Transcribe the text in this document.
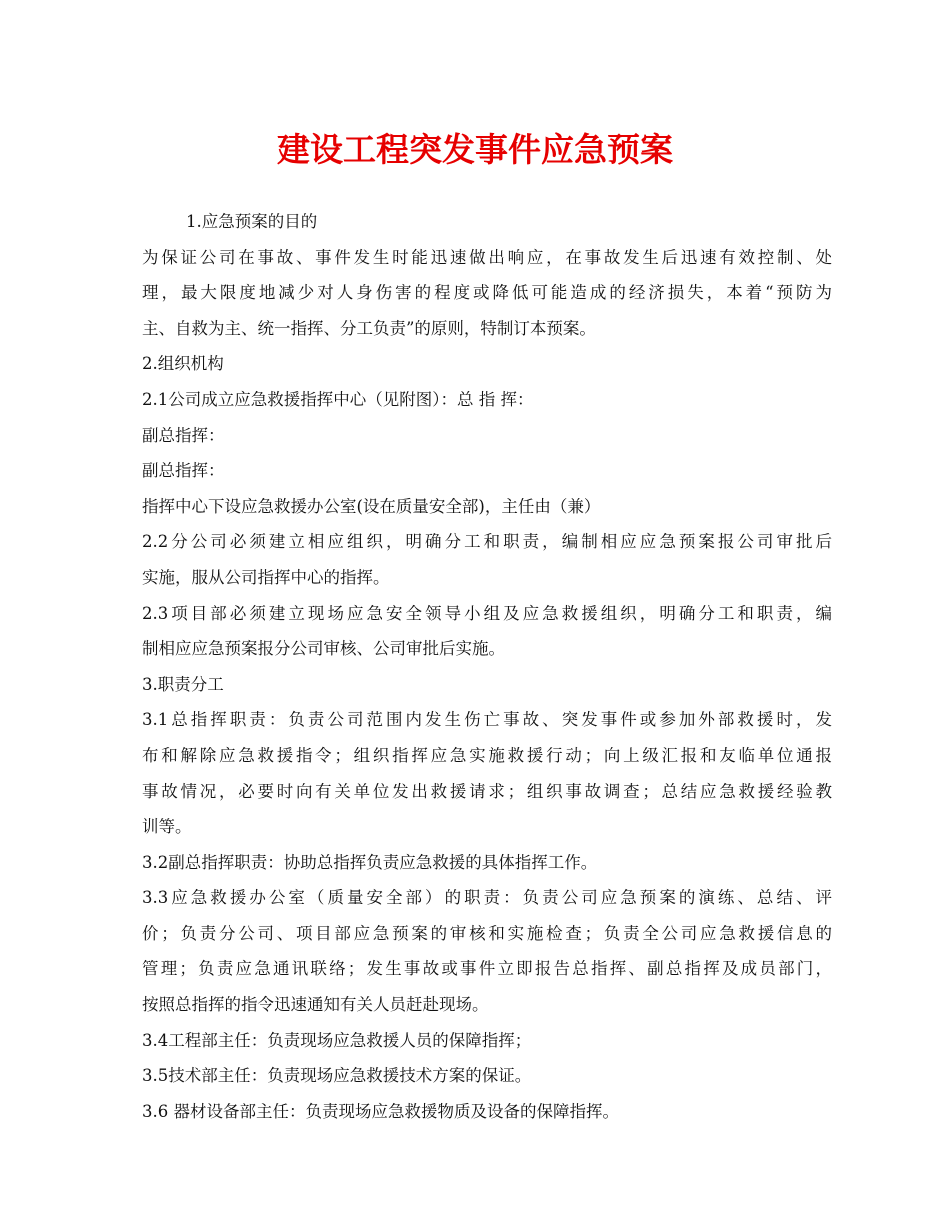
建设工程突发事件应急预案
1.应急预案的目的
为保证公司在事故、事件发生时能迅速做出响应，在事故发生后迅速有效控制、处
理，最大限度地减少对人身伤害的程度或降低可能造成的经济损失，本着“预防为
主、自救为主、统一指挥、分工负责”的原则，特制订本预案。
2.组织机构
2.1公司成立应急救援指挥中心（见附图）：总 指 挥：
副总指挥：
副总指挥：
指挥中心下设应急救援办公室(设在质量安全部)，主任由（兼）
2.2分公司必须建立相应组织，明确分工和职责，编制相应应急预案报公司审批后
实施，服从公司指挥中心的指挥。
2.3项目部必须建立现场应急安全领导小组及应急救援组织，明确分工和职责，编
制相应应急预案报分公司审核、公司审批后实施。
3.职责分工
3.1总指挥职责：负责公司范围内发生伤亡事故、突发事件或参加外部救援时，发
布和解除应急救援指令；组织指挥应急实施救援行动；向上级汇报和友临单位通报
事故情况，必要时向有关单位发出救援请求；组织事故调查；总结应急救援经验教
训等。
3.2副总指挥职责：协助总指挥负责应急救援的具体指挥工作。
3.3应急救援办公室（质量安全部）的职责：负责公司应急预案的演练、总结、评
价；负责分公司、项目部应急预案的审核和实施检查；负责全公司应急救援信息的
管理；负责应急通讯联络；发生事故或事件立即报告总指挥、副总指挥及成员部门，
按照总指挥的指令迅速通知有关人员赶赴现场。
3.4工程部主任：负责现场应急救援人员的保障指挥；
3.5技术部主任：负责现场应急救援技术方案的保证。
3.6 器材设备部主任：负责现场应急救援物质及设备的保障指挥。
